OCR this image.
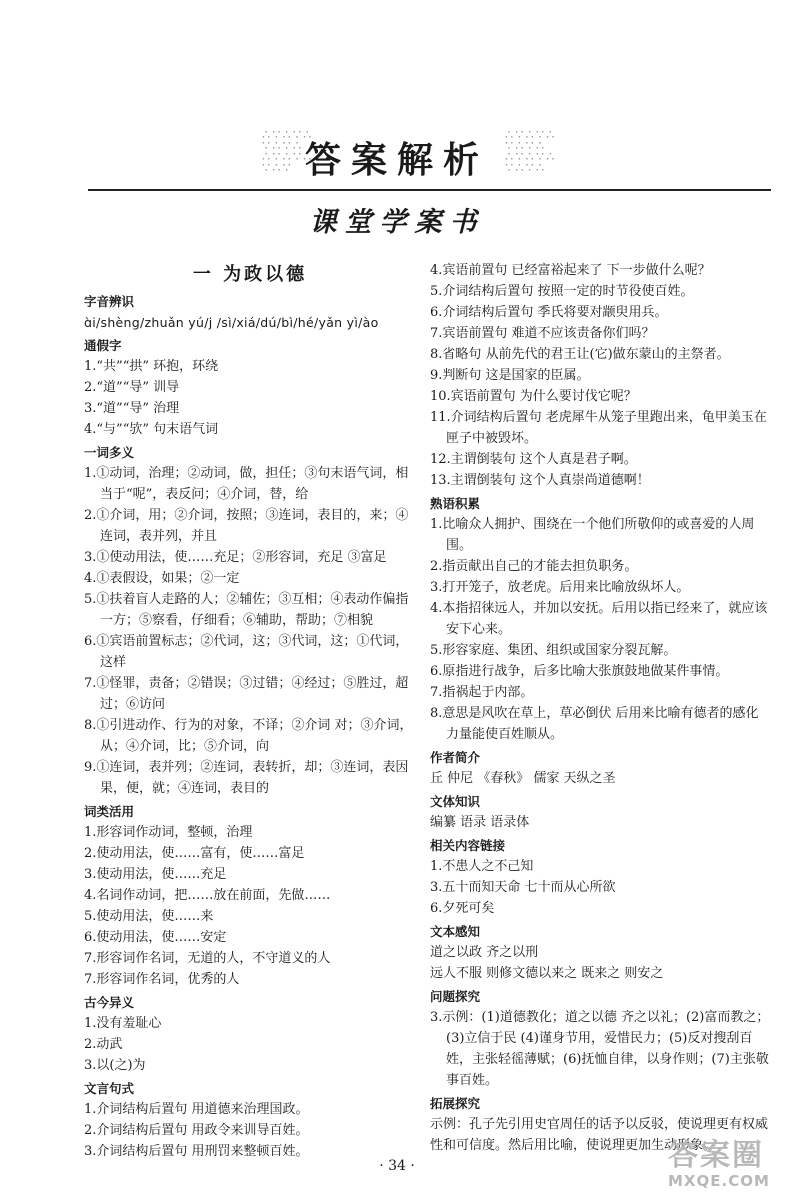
∴∵∴∵∴
∵∴∵∴
∴∵∴∵∴
∵∴∵
∴∵∴∵∴
∵∴∵∴
∴∵∴∵∴
∵∴∵∴
答案解析
课堂学案书
一 为政以德
字音辨识
ɑ̀i/shèng/zhuǎn yú/j /sì/xiá/dú/bì/hé/yǎn yì/ào
通假字
1.“共”“拱” 环抱，环绕
2.“道”“导” 训导
3.“道”“导” 治理
4.“与”“欤” 句末语气词
一词多义
1.①动词，治理；②动词，做，担任；③句末语气词，相当于“呢”，表反问；④介词，替，给
2.①介词，用；②介词，按照；③连词，表目的，来；④连词，表并列，并且
3.①使动用法，使……充足；②形容词，充足 ③富足
4.①表假设，如果；②一定
5.①扶着盲人走路的人；②辅佐；③互相；④表动作偏指一方；⑤察看，仔细看；⑥辅助，帮助；⑦相貌
6.①宾语前置标志；②代词，这；③代词，这；①代词，这样
7.①怪罪，责备；②错误；③过错；④经过；⑤胜过，超过；⑥访问
8.①引进动作、行为的对象，不译；②介词 对；③介词，从；④介词，比；⑤介词，向
9.①连词，表并列；②连词，表转折，却；③连词，表因果，便，就；④连词，表目的
词类活用
1.形容词作动词，整顿，治理
2.使动用法，使……富有，使……富足
3.使动用法，使……充足
4.名词作动词，把……放在前面，先做……
5.使动用法，使……来
6.使动用法，使……安定
7.形容词作名词，无道的人，不守道义的人
7.形容词作名词，优秀的人
古今异义
1.没有羞耻心
2.动武
3.以(之)为
文言句式
1.介词结构后置句 用道德来治理国政。
2.介词结构后置句 用政令来训导百姓。
3.介词结构后置句 用刑罚来整顿百姓。
4.宾语前置句 已经富裕起来了 下一步做什么呢？
5.介词结构后置句 按照一定的时节役使百姓。
6.介词结构后置句 季氏将要对颛臾用兵。
7.宾语前置句 难道不应该责备你们吗？
8.省略句 从前先代的君王让(它)做东蒙山的主祭者。
9.判断句 这是国家的臣属。
10.宾语前置句 为什么要讨伐它呢？
11.介词结构后置句 老虎犀牛从笼子里跑出来，龟甲美玉在匣子中被毁坏。
12.主谓倒装句 这个人真是君子啊。
13.主谓倒装句 这个人真崇尚道德啊！
熟语积累
1.比喻众人拥护、围绕在一个他们所敬仰的或喜爱的人周围。
2.指贡献出自己的才能去担负职务。
3.打开笼子，放老虎。后用来比喻放纵坏人。
4.本指招徕远人，并加以安抚。后用以指已经来了，就应该安下心来。
5.形容家庭、集团、组织或国家分裂瓦解。
6.原指进行战争，后多比喻大张旗鼓地做某件事情。
7.指祸起于内部。
8.意思是风吹在草上，草必倒伏 后用来比喻有德者的感化力量能使百姓顺从。
作者简介
丘 仲尼 《春秋》 儒家 天纵之圣
文体知识
编纂 语录 语录体
相关内容链接
1.不患人之不己知
3.五十而知天命 七十而从心所欲
6.夕死可矣
文本感知
道之以政 齐之以刑
远人不服 则修文德以来之 既来之 则安之
问题探究
3.示例：(1)道德教化；道之以德 齐之以礼；(2)富而教之；(3)立信于民 (4)谨身节用，爱惜民力；(5)反对搜刮百姓，主张轻徭薄赋；(6)抚恤自律，以身作则；(7)主张敬事百姓。
拓展探究
示例：孔子先引用史官周任的话予以反驳，使说理更有权威性和可信度。然后用比喻，使说理更加生动形象。
· 34 ·	答案圈
MXQE.COM
